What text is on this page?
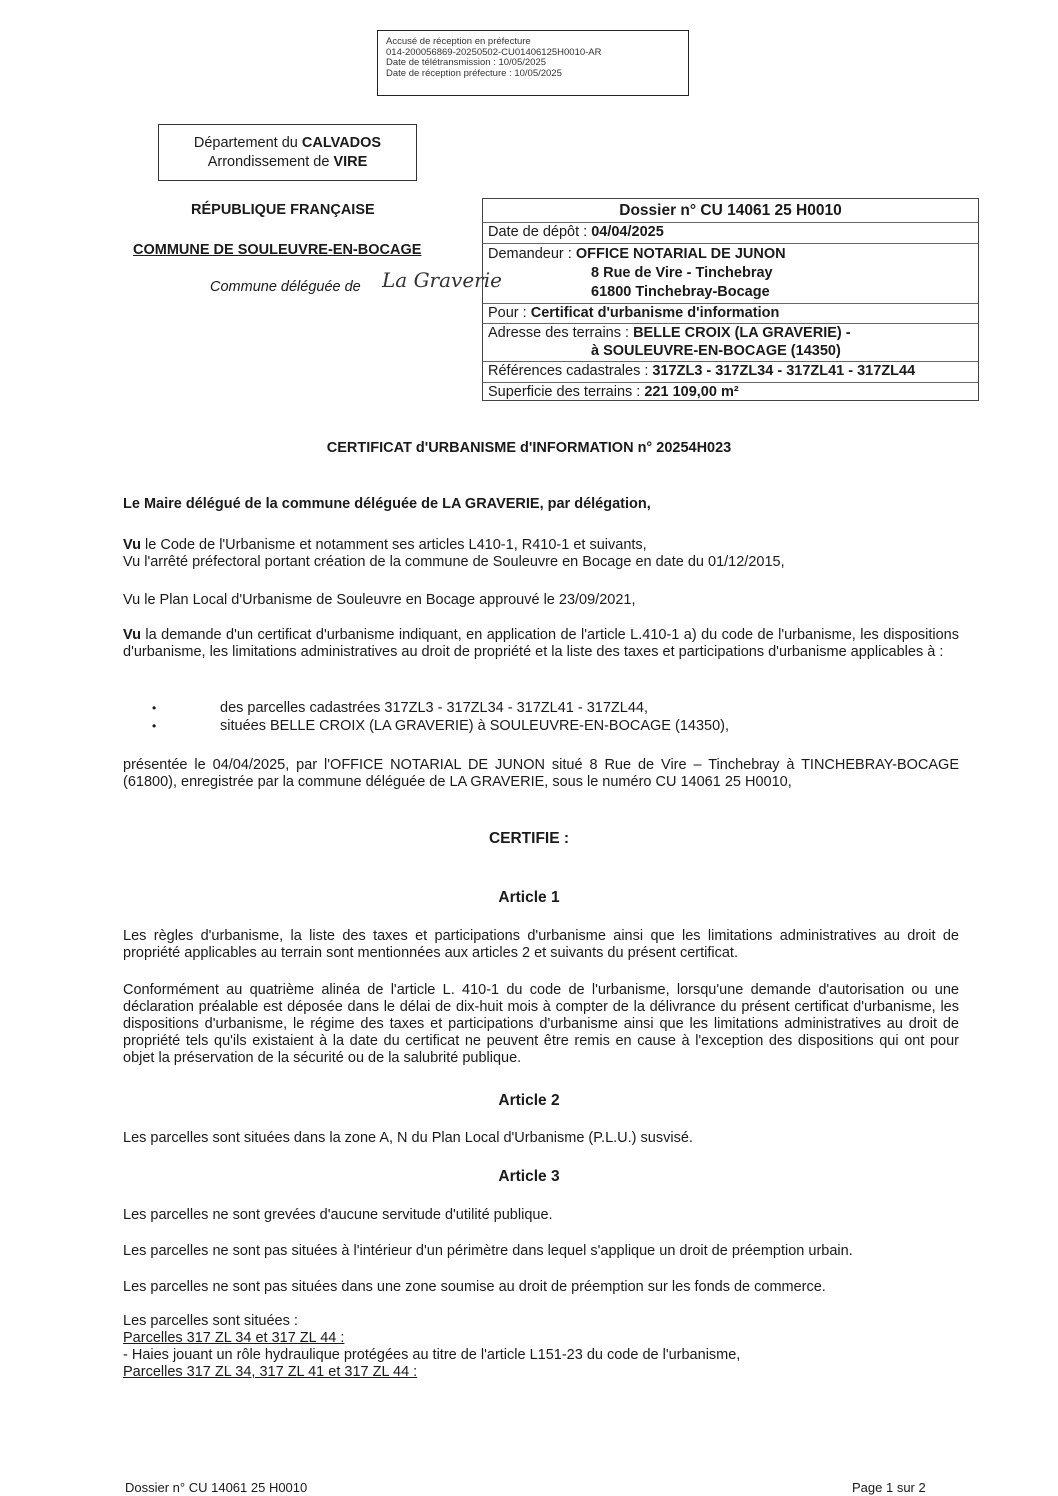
Accusé de réception en préfecture
014-200056869-20250502-CU01406125H0010-AR
Date de télétransmission : 10/05/2025
Date de réception préfecture : 10/05/2025
Département du CALVADOS
Arrondissement de VIRE
RÉPUBLIQUE FRANÇAISE
COMMUNE DE SOULEUVRE-EN-BOCAGE
Commune déléguée de La Graverie
Dossier n° CU 14061 25 H0010
Date de dépôt : 04/04/2025
Demandeur : OFFICE NOTARIAL DE JUNON
8 Rue de Vire - Tinchebray
61800 Tinchebray-Bocage
Pour : Certificat d'urbanisme d'information
Adresse des terrains : BELLE CROIX (LA GRAVERIE) -
à SOULEUVRE-EN-BOCAGE (14350)
Références cadastrales : 317ZL3 - 317ZL34 - 317ZL41 - 317ZL44
Superficie des terrains : 221 109,00 m²
CERTIFICAT d'URBANISME d'INFORMATION n° 20254H023
Le Maire délégué de la commune déléguée de LA GRAVERIE, par délégation,

Vu le Code de l'Urbanisme et notamment ses articles L410-1, R410-1 et suivants,

Vu l'arrêté préfectoral portant création de la commune de Souleuvre en Bocage en date du 01/12/2015,

Vu le Plan Local d'Urbanisme de Souleuvre en Bocage approuvé le 23/09/2021,

Vu la demande d'un certificat d'urbanisme indiquant, en application de l'article L.410-1 a) du code de l'urbanisme, les dispositions d'urbanisme, les limitations administratives au droit de propriété et la liste des taxes et participations d'urbanisme applicables à :

•	des parcelles cadastrées 317ZL3 - 317ZL34 - 317ZL41 - 317ZL44,
•	situées BELLE CROIX (LA GRAVERIE) à SOULEUVRE-EN-BOCAGE (14350),
présentée le 04/04/2025, par l'OFFICE NOTARIAL DE JUNON situé 8 Rue de Vire – Tinchebray à TINCHEBRAY-BOCAGE (61800), enregistrée par la commune déléguée de LA GRAVERIE, sous le numéro CU 14061 25 H0010,
CERTIFIE :
Article 1
Les règles d'urbanisme, la liste des taxes et participations d'urbanisme ainsi que les limitations administratives au droit de propriété applicables au terrain sont mentionnées aux articles 2 et suivants du présent certificat.
Conformément au quatrième alinéa de l'article L. 410-1 du code de l'urbanisme, lorsqu'une demande d'autorisation ou une déclaration préalable est déposée dans le délai de dix-huit mois à compter de la délivrance du présent certificat d'urbanisme, les dispositions d'urbanisme, le régime des taxes et participations d'urbanisme ainsi que les limitations administratives au droit de propriété tels qu'ils existaient à la date du certificat ne peuvent être remis en cause à l'exception des dispositions qui ont pour objet la préservation de la sécurité ou de la salubrité publique.
Article 2
Les parcelles sont situées dans la zone A, N du Plan Local d'Urbanisme (P.L.U.) susvisé.
Article 3
Les parcelles ne sont grevées d'aucune servitude d'utilité publique.
Les parcelles ne sont pas situées à l'intérieur d'un périmètre dans lequel s'applique un droit de préemption urbain.
Les parcelles ne sont pas situées dans une zone soumise au droit de préemption sur les fonds de commerce.

Les parcelles sont situées :

Parcelles 317 ZL 34 et 317 ZL 44 :

- Haies jouant un rôle hydraulique protégées au titre de l'article L151-23 du code de l'urbanisme,

Parcelles 317 ZL 34, 317 ZL 41 et 317 ZL 44 :

Dossier n° CU 14061 25 H0010	Page 1 sur 2
